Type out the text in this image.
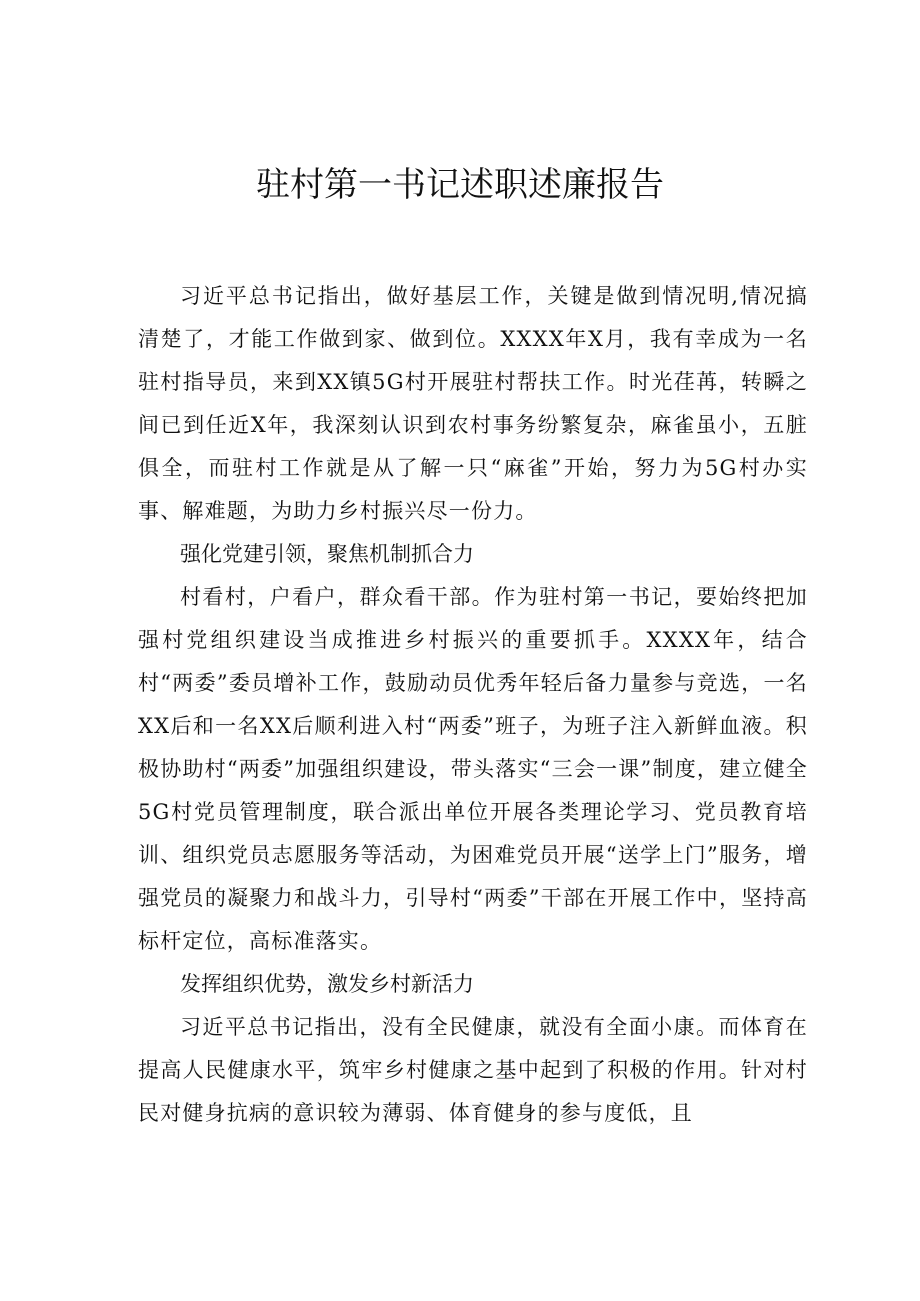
驻村第一书记述职述廉报告

习近平总书记指出，做好基层工作，关键是做到情况明,情况搞清楚了，才能工作做到家、做到位。XXXX年X月，我有幸成为一名驻村指导员，来到XX镇5G村开展驻村帮扶工作。时光荏苒，转瞬之间已到任近X年，我深刻认识到农村事务纷繁复杂，麻雀虽小，五脏俱全，而驻村工作就是从了解一只“麻雀”开始，努力为5G村办实事、解难题，为助力乡村振兴尽一份力。

强化党建引领，聚焦机制抓合力

村看村，户看户，群众看干部。作为驻村第一书记，要始终把加强村党组织建设当成推进乡村振兴的重要抓手。XXXX年，结合村“两委”委员增补工作，鼓励动员优秀年轻后备力量参与竞选，一名XX后和一名XX后顺利进入村“两委”班子，为班子注入新鲜血液。积极协助村“两委”加强组织建设，带头落实“三会一课”制度，建立健全5G村党员管理制度，联合派出单位开展各类理论学习、党员教育培训、组织党员志愿服务等活动，为困难党员开展“送学上门”服务，增强党员的凝聚力和战斗力，引导村“两委”干部在开展工作中，坚持高标杆定位，高标准落实。

发挥组织优势，激发乡村新活力

习近平总书记指出，没有全民健康，就没有全面小康。而体育在提高人民健康水平，筑牢乡村健康之基中起到了积极的作用。针对村民对健身抗病的意识较为薄弱、体育健身的参与度低，且
